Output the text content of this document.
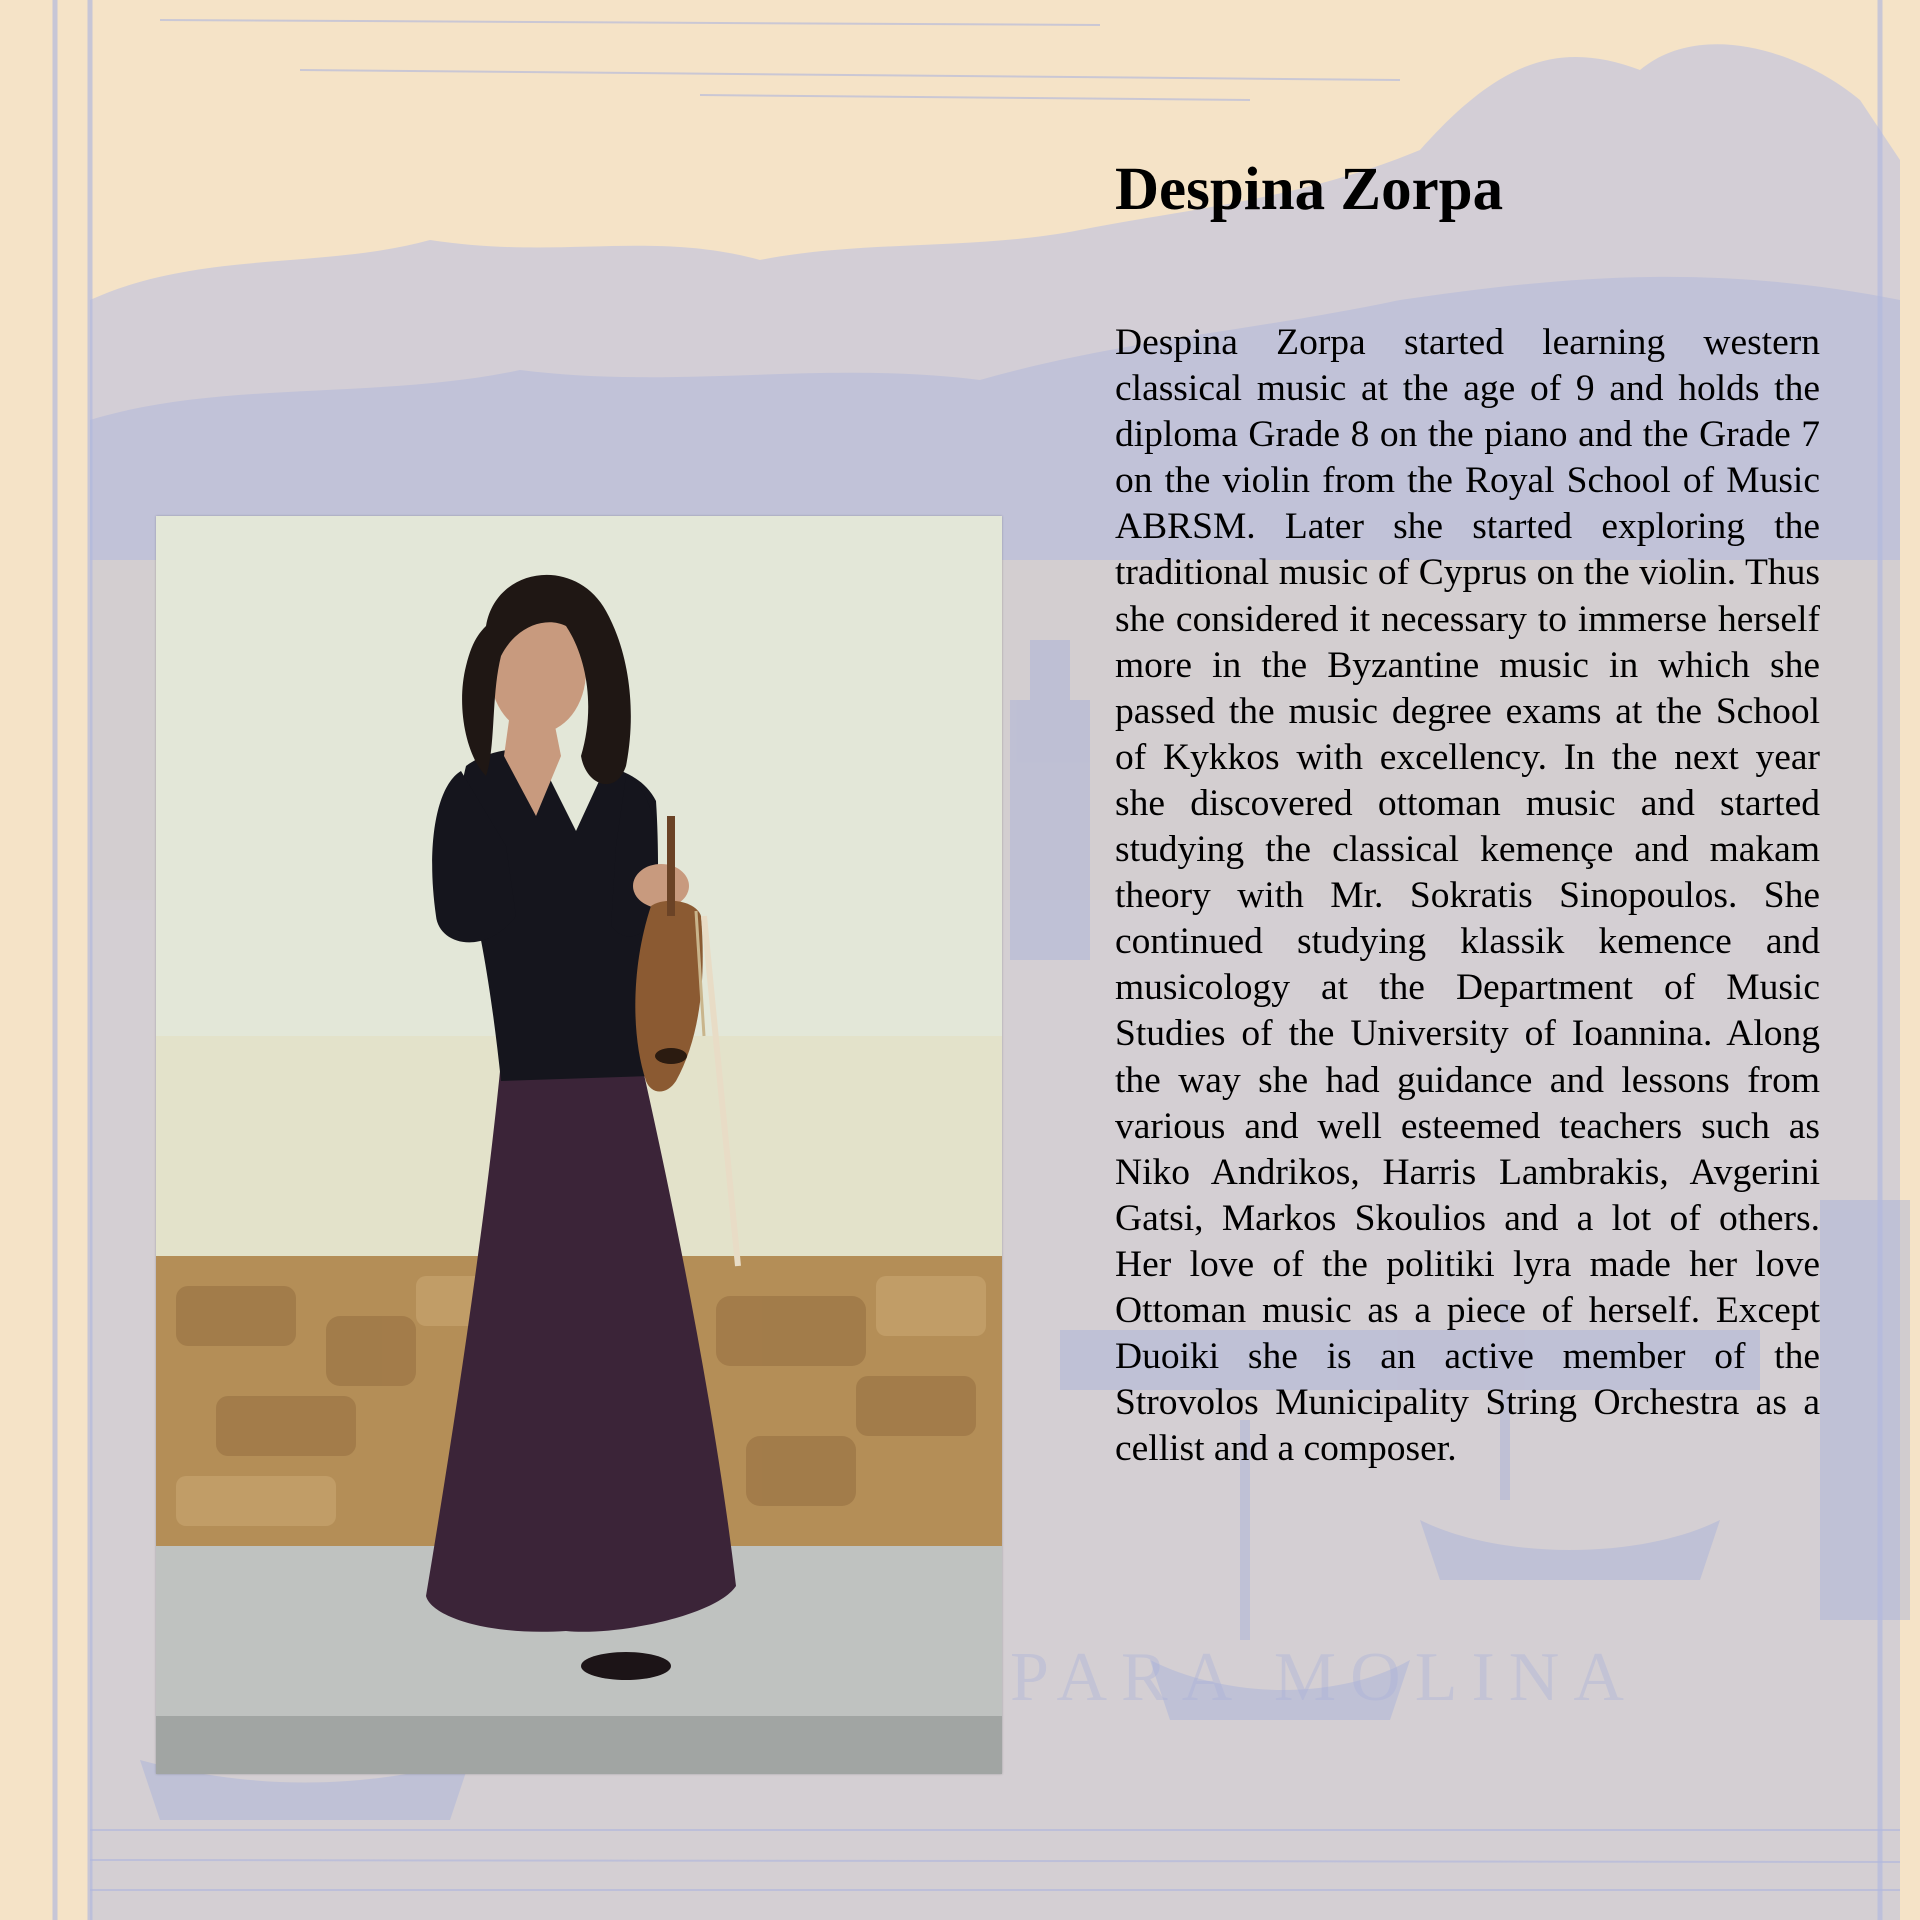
PARA MOLINA
Despina Zorpa

Despina Zorpa started learning western classical music at the age of 9 and holds the diploma Grade 8 on the piano and the Grade 7 on the violin from the Royal School of Music ABRSM. Later she started exploring the traditional music of Cyprus on the violin. Thus she considered it necessary to immerse herself more in the Byzantine music in which she passed the music degree exams at the School of Kykkos with excellency. In the next year she discovered ottoman music and started studying the classical kemençe and makam theory with Mr. Sokratis Sinopoulos. She continued studying klassik kemence and musicology at the Department of Music Studies of the University of Ioannina. Along the way she had guidance and lessons from various and well esteemed teachers such as Niko Andrikos, Harris Lambrakis, Avgerini Gatsi, Markos Skoulios and a lot of others. Her love of the politiki lyra made her love Ottoman music as a piece of herself. Except Duoiki she is an active member of the Strovolos Municipality String Orchestra as a cellist and a composer.
